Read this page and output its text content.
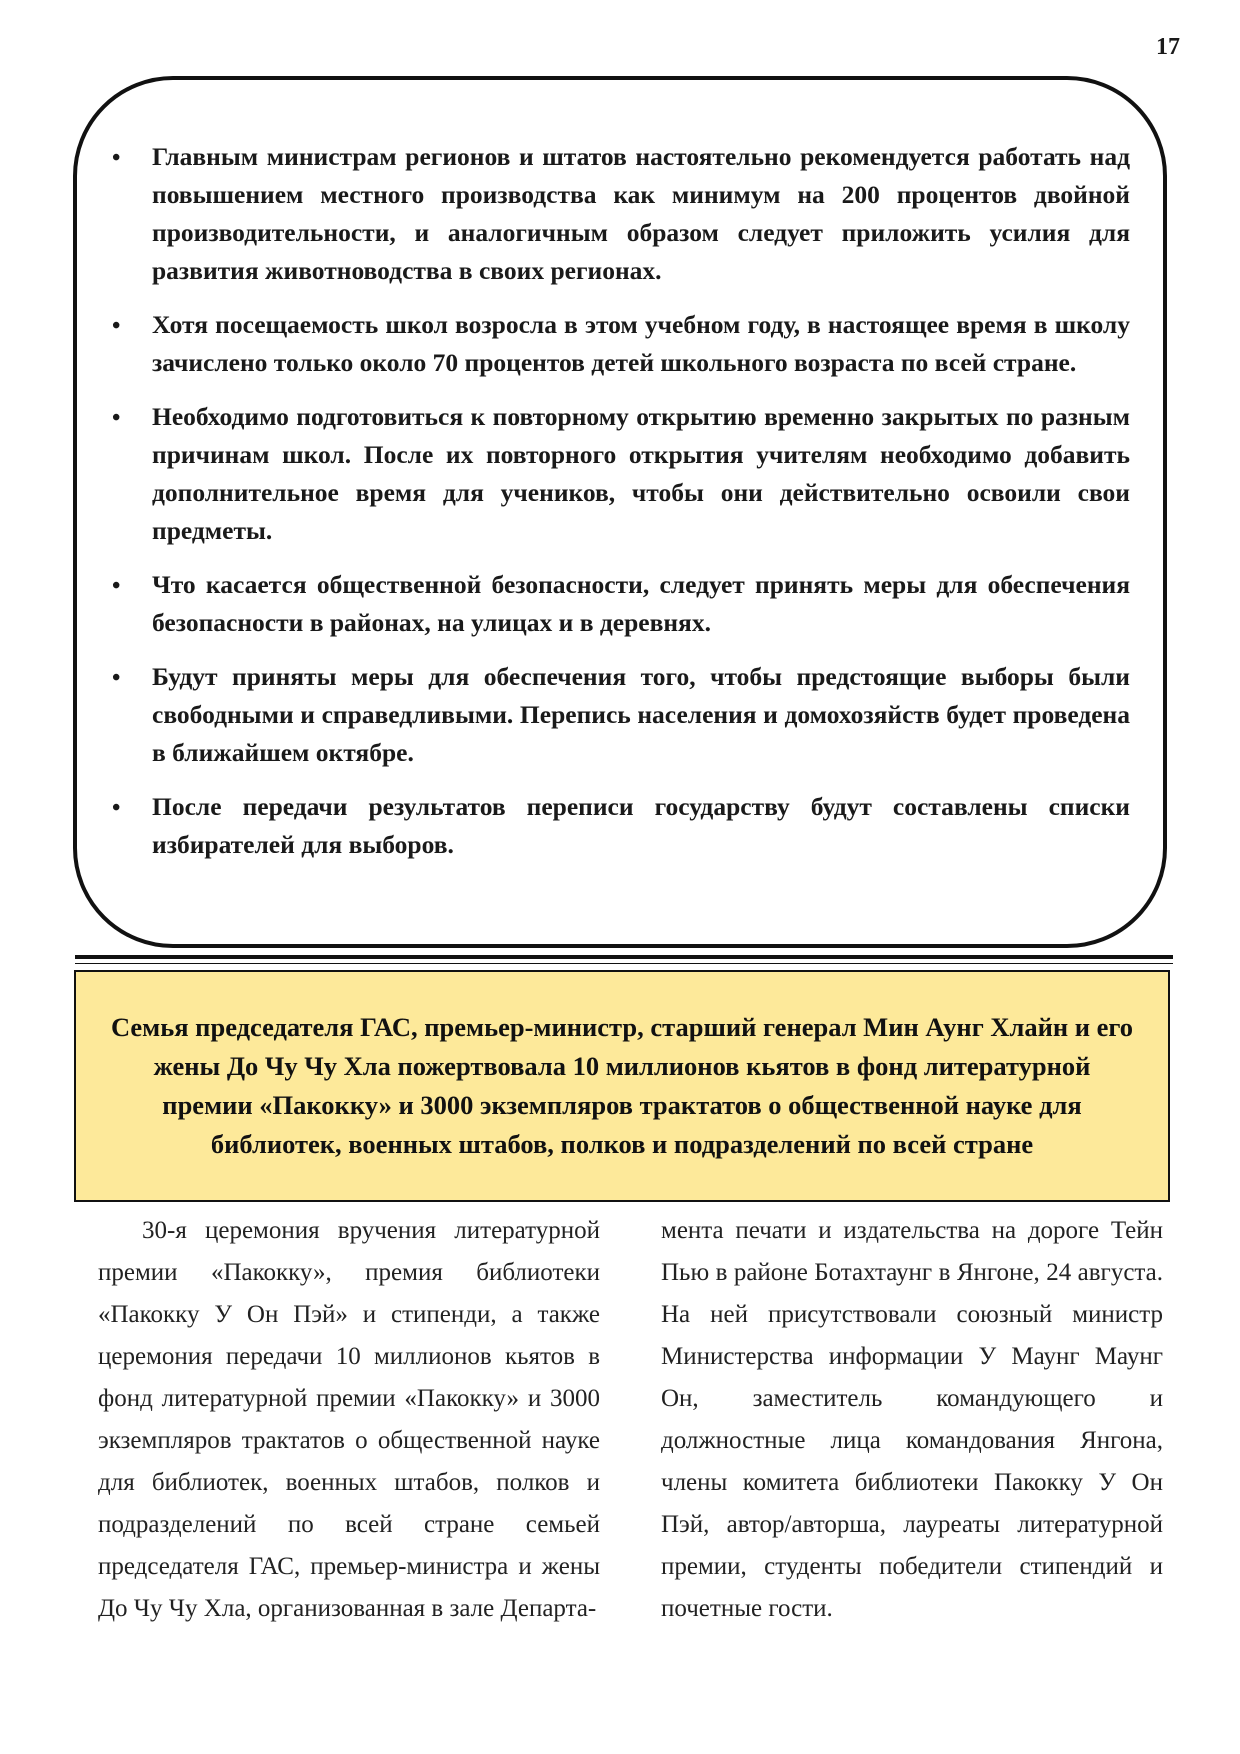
17
•
Главным министрам регионов и штатов настоятельно рекомендуется работать над повышением местного производства как минимум на 200 процентов двойной производительности, и аналогичным образом следует приложить усилия для развития животноводства в своих регионах.
•
Хотя посещаемость школ возросла в этом учебном году, в настоящее время в школу зачислено только около 70 процентов детей школьного возраста по всей стране.
•
Необходимо подготовиться к повторному открытию временно закрытых по разным причинам школ. После их повторного открытия учителям необходимо добавить дополнительное время для учеников, чтобы они действительно освоили свои предметы.
•
Что касается общественной безопасности, следует принять меры для обеспечения безопасности в районах, на улицах и в деревнях.
•
Будут приняты меры для обеспечения того, чтобы предстоящие выборы были свободными и справедливыми. Перепись населения и домохозяйств будет проведена в ближайшем октябре.
•
После передачи результатов переписи государству будут составлены списки избирателей для выборов.

Семья председателя ГАС, премьер-министр, старший генерал Мин Аунг Хлайн и его жены До Чу Чу Хла пожертвовала 10 миллионов кьятов в фонд литературной премии «Пакокку» и 3000 экземпляров трактатов о общественной науке для библиотек, военных штабов, полков и подразделений по всей стране

30-я церемония вручения литературной премии «Пакокку», премия библиотеки «Пакокку У Он Пэй» и стипенди, а также церемония передачи 10 миллионов кьятов в фонд литературной премии «Пакокку» и 3000 экземпляров трактатов о общественной науке для библиотек, военных штабов, полков и подразделений по всей стране семьей председателя ГАС, премьер-министра и жены До Чу Чу Хла, организованная в зале Департа-

мента печати и издательства на дороге Тейн Пью в районе Ботахтаунг в Янгоне, 24 августа. На ней присутствовали союзный министр Министерства информации У Маунг Маунг Он, заместитель командующего и должностные лица командования Янгона, члены комитета библиотеки Пакокку У Он Пэй, автор/авторша, лауреаты литературной премии, студенты победители стипендий и почетные гости.
